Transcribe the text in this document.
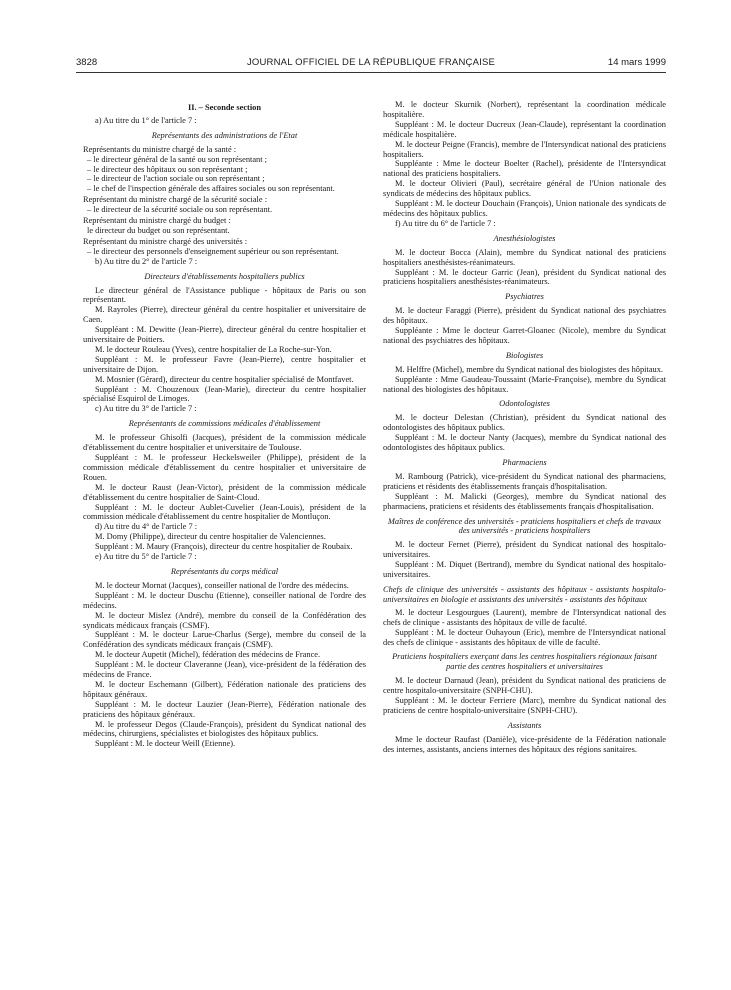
3828	JOURNAL OFFICIEL DE LA RÉPUBLIQUE FRANÇAISE	14 mars 1999

II. – Seconde section

a) Au titre du 1° de l'article 7 :

Représentants des administrations de l'Etat

Représentants du ministre chargé de la santé :

– le directeur général de la santé ou son représentant ;

– le directeur des hôpitaux ou son représentant ;

– le directeur de l'action sociale ou son représentant ;

– le chef de l'inspection générale des affaires sociales ou son représentant.

Représentant du ministre chargé de la sécurité sociale :

– le directeur de la sécurité sociale ou son représentant.

Représentant du ministre chargé du budget :

le directeur du budget ou son représentant.

Représentant du ministre chargé des universités :

– le directeur des personnels d'enseignement supérieur ou son représentant.

b) Au titre du 2° de l'article 7 :

Directeurs d'établissements hospitaliers publics

Le directeur général de l'Assistance publique - hôpitaux de Paris ou son représentant.

M. Rayroles (Pierre), directeur général du centre hospitalier et universitaire de Caen.

Suppléant : M. Dewitte (Jean-Pierre), directeur général du centre hospitalier et universitaire de Poitiers.

M. le docteur Rouleau (Yves), centre hospitalier de La Roche-sur-Yon.

Suppléant : M. le professeur Favre (Jean-Pierre), centre hospitalier et universitaire de Dijon.

M. Mosnier (Gérard), directeur du centre hospitalier spécialisé de Montfavet.

Suppléant : M. Chouzenoux (Jean-Marie), directeur du centre hospitalier spécialisé Esquirol de Limoges.

c) Au titre du 3° de l'article 7 :

Représentants de commissions médicales d'établissement

M. le professeur Ghisolfi (Jacques), président de la commission médicale d'établissement du centre hospitalier et universitaire de Toulouse.

Suppléant : M. le professeur Heckelsweiler (Philippe), président de la commission médicale d'établissement du centre hospitalier et universitaire de Rouen.

M. le docteur Raust (Jean-Victor), président de la commission médicale d'établissement du centre hospitalier de Saint-Cloud.

Suppléant : M. le docteur Aublet-Cuvelier (Jean-Louis), président de la commission médicale d'établissement du centre hospitalier de Montluçon.

d) Au titre du 4° de l'article 7 :

M. Domy (Philippe), directeur du centre hospitalier de Valenciennes.

Suppléant : M. Maury (François), directeur du centre hospitalier de Roubaix.

e) Au titre du 5° de l'article 7 :

Représentants du corps médical

M. le docteur Mornat (Jacques), conseiller national de l'ordre des médecins.

Suppléant : M. le docteur Duschu (Etienne), conseiller national de l'ordre des médecins.

M. le docteur Mislez (André), membre du conseil de la Confédération des syndicats médicaux français (CSMF).

Suppléant : M. le docteur Larue-Charlus (Serge), membre du conseil de la Confédération des syndicats médicaux français (CSMF).

M. le docteur Aupetit (Michel), fédération des médecins de France.

Suppléant : M. le docteur Claveranne (Jean), vice-président de la fédération des médecins de France.

M. le docteur Eschemann (Gilbert), Fédération nationale des praticiens des hôpitaux généraux.

Suppléant : M. le docteur Lauzier (Jean-Pierre), Fédération nationale des praticiens des hôpitaux généraux.

M. le professeur Degos (Claude-François), président du Syndicat national des médecins, chirurgiens, spécialistes et biologistes des hôpitaux publics.

Suppléant : M. le docteur Weill (Etienne).

M. le docteur Skurnik (Norbert), représentant la coordination médicale hospitalière.

Suppléant : M. le docteur Ducreux (Jean-Claude), représentant la coordination médicale hospitalière.

M. le docteur Peigne (Francis), membre de l'Intersyndicat national des praticiens hospitaliers.

Suppléante : Mme le docteur Boelter (Rachel), présidente de l'Intersyndicat national des praticiens hospitaliers.

M. le docteur Olivieri (Paul), secrétaire général de l'Union nationale des syndicats de médecins des hôpitaux publics.

Suppléant : M. le docteur Douchain (François), Union nationale des syndicats de médecins des hôpitaux publics.

f) Au titre du 6° de l'article 7 :

Anesthésiologistes

M. le docteur Bocca (Alain), membre du Syndicat national des praticiens hospitaliers anesthésistes-réanimateurs.

Suppléant : M. le docteur Garric (Jean), président du Syndicat national des praticiens hospitaliers anesthésistes-réanimateurs.

Psychiatres

M. le docteur Faraggi (Pierre), président du Syndicat national des psychiatres des hôpitaux.

Suppléante : Mme le docteur Garret-Gloanec (Nicole), membre du Syndicat national des psychiatres des hôpitaux.

Biologistes

M. Helffre (Michel), membre du Syndicat national des biologistes des hôpitaux.

Suppléante : Mme Gaudeau-Toussaint (Marie-Françoise), membre du Syndicat national des biologistes des hôpitaux.

Odontologistes

M. le docteur Delestan (Christian), président du Syndicat national des odontologistes des hôpitaux publics.

Suppléant : M. le docteur Nanty (Jacques), membre du Syndicat national des odontologistes des hôpitaux publics.

Pharmaciens

M. Rambourg (Patrick), vice-président du Syndicat national des pharmaciens, praticiens et résidents des établissements français d'hospitalisation.

Suppléant : M. Malicki (Georges), membre du Syndicat national des pharmaciens, praticiens et résidents des établissements français d'hospitalisation.

Maîtres de conférence des universités - praticiens hospitaliers et chefs de travaux des universités - praticiens hospitaliers

M. le docteur Fernet (Pierre), président du Syndicat national des hospitalo-universitaires.

Suppléant : M. Diquet (Bertrand), membre du Syndicat national des hospitalo-universitaires.

Chefs de clinique des universités - assistants des hôpitaux - assistants hospitalo-universitaires en biologie et assistants des universités - assistants des hôpitaux

M. le docteur Lesgourgues (Laurent), membre de l'Intersyndicat national des chefs de clinique - assistants des hôpitaux de ville de faculté.

Suppléant : M. le docteur Ouhayoun (Eric), membre de l'Intersyndicat national des chefs de clinique - assistants des hôpitaux de ville de faculté.

Praticiens hospitaliers exerçant dans les centres hospitaliers régionaux faisant partie des centres hospitaliers et universitaires

M. le docteur Darnaud (Jean), président du Syndicat national des praticiens de centre hospitalo-universitaire (SNPH-CHU).

Suppléant : M. le docteur Ferriere (Marc), membre du Syndicat national des praticiens de centre hospitalo-universitaire (SNPH-CHU).

Assistants

Mme le docteur Raufast (Danièle), vice-présidente de la Fédération nationale des internes, assistants, anciens internes des hôpitaux des régions sanitaires.
